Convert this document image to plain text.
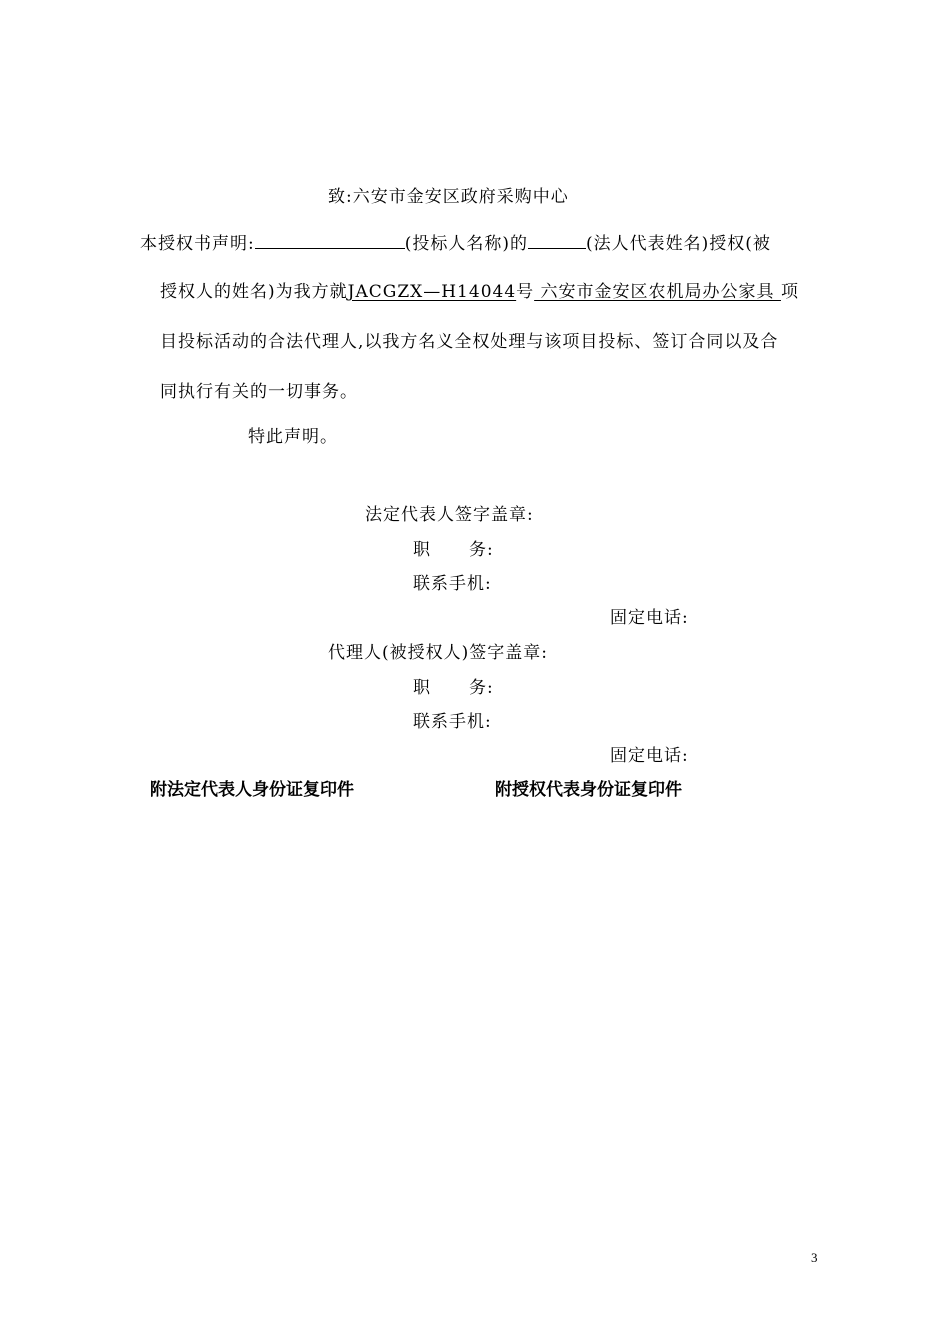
致:六安市金安区政府采购中心
本授权书声明:	(投标人名称)的	(法人代表姓名)授权(被
授权人的姓名)为我方就JACGZX—H14044号 六安市金安区农机局办公家具 项
目投标活动的合法代理人,以我方名义全权处理与该项目投标、签订合同以及合
同执行有关的一切事务。
特此声明。
法定代表人签字盖章:
职 务:
联系手机:
固定电话:
代理人(被授权人)签字盖章:
职 务:
联系手机:
固定电话:
附法定代表人身份证复印件	附授权代表身份证复印件
3
